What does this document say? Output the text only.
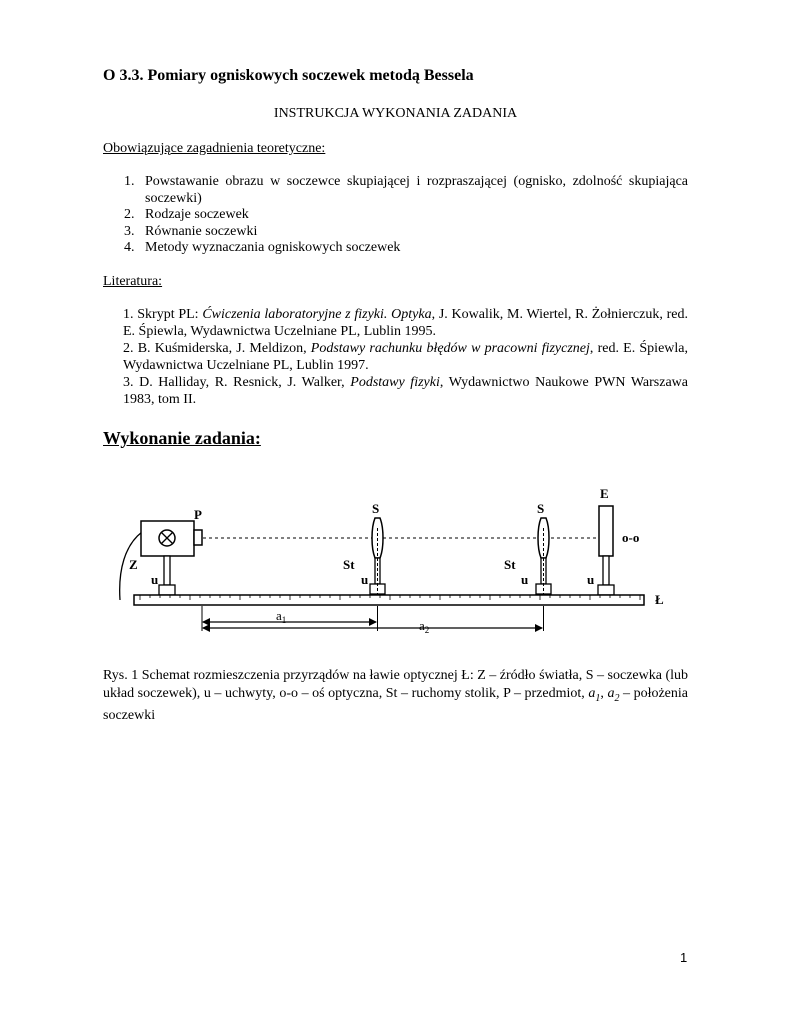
O 3.3. Pomiary ogniskowych soczewek metodą Bessela
INSTRUKCJA WYKONANIA ZADANIA
Obowiązujące zagadnienia teoretyczne:
1. Powstawanie obrazu w soczewce skupiającej i rozpraszającej (ognisko, zdolność skupiająca soczewki)
2. Rodzaje soczewek
3. Równanie soczewki
4. Metody wyznaczania ogniskowych soczewek
Literatura:

1. Skrypt PL: Ćwiczenia laboratoryjne z fizyki. Optyka, J. Kowalik, M. Wiertel, R. Żołnierczuk, red. E. Śpiewla, Wydawnictwa Uczelniane PL, Lublin 1995.

2. B. Kuśmiderska, J. Meldizon, Podstawy rachunku błędów w pracowni fizycznej, red. E. Śpiewla, Wydawnictwa Uczelniane PL, Lublin 1997.

3. D. Halliday, R. Resnick, J. Walker, Podstawy fizyki, Wydawnictwo Naukowe PWN Warszawa 1983, tom II.

Wykonanie zadania:
E
P	S	S
o-o
Z	St	St
u	u	u	u
Ł
$a_1$	$a_2$
Rys. 1 Schemat rozmieszczenia przyrządów na ławie optycznej Ł: Z – źródło światła, S – soczewka (lub układ soczewek), u – uchwyty, o-o – oś optyczna, St – ruchomy stolik, P – przedmiot, $a_1$, $a_2$ – położenia soczewki
1
